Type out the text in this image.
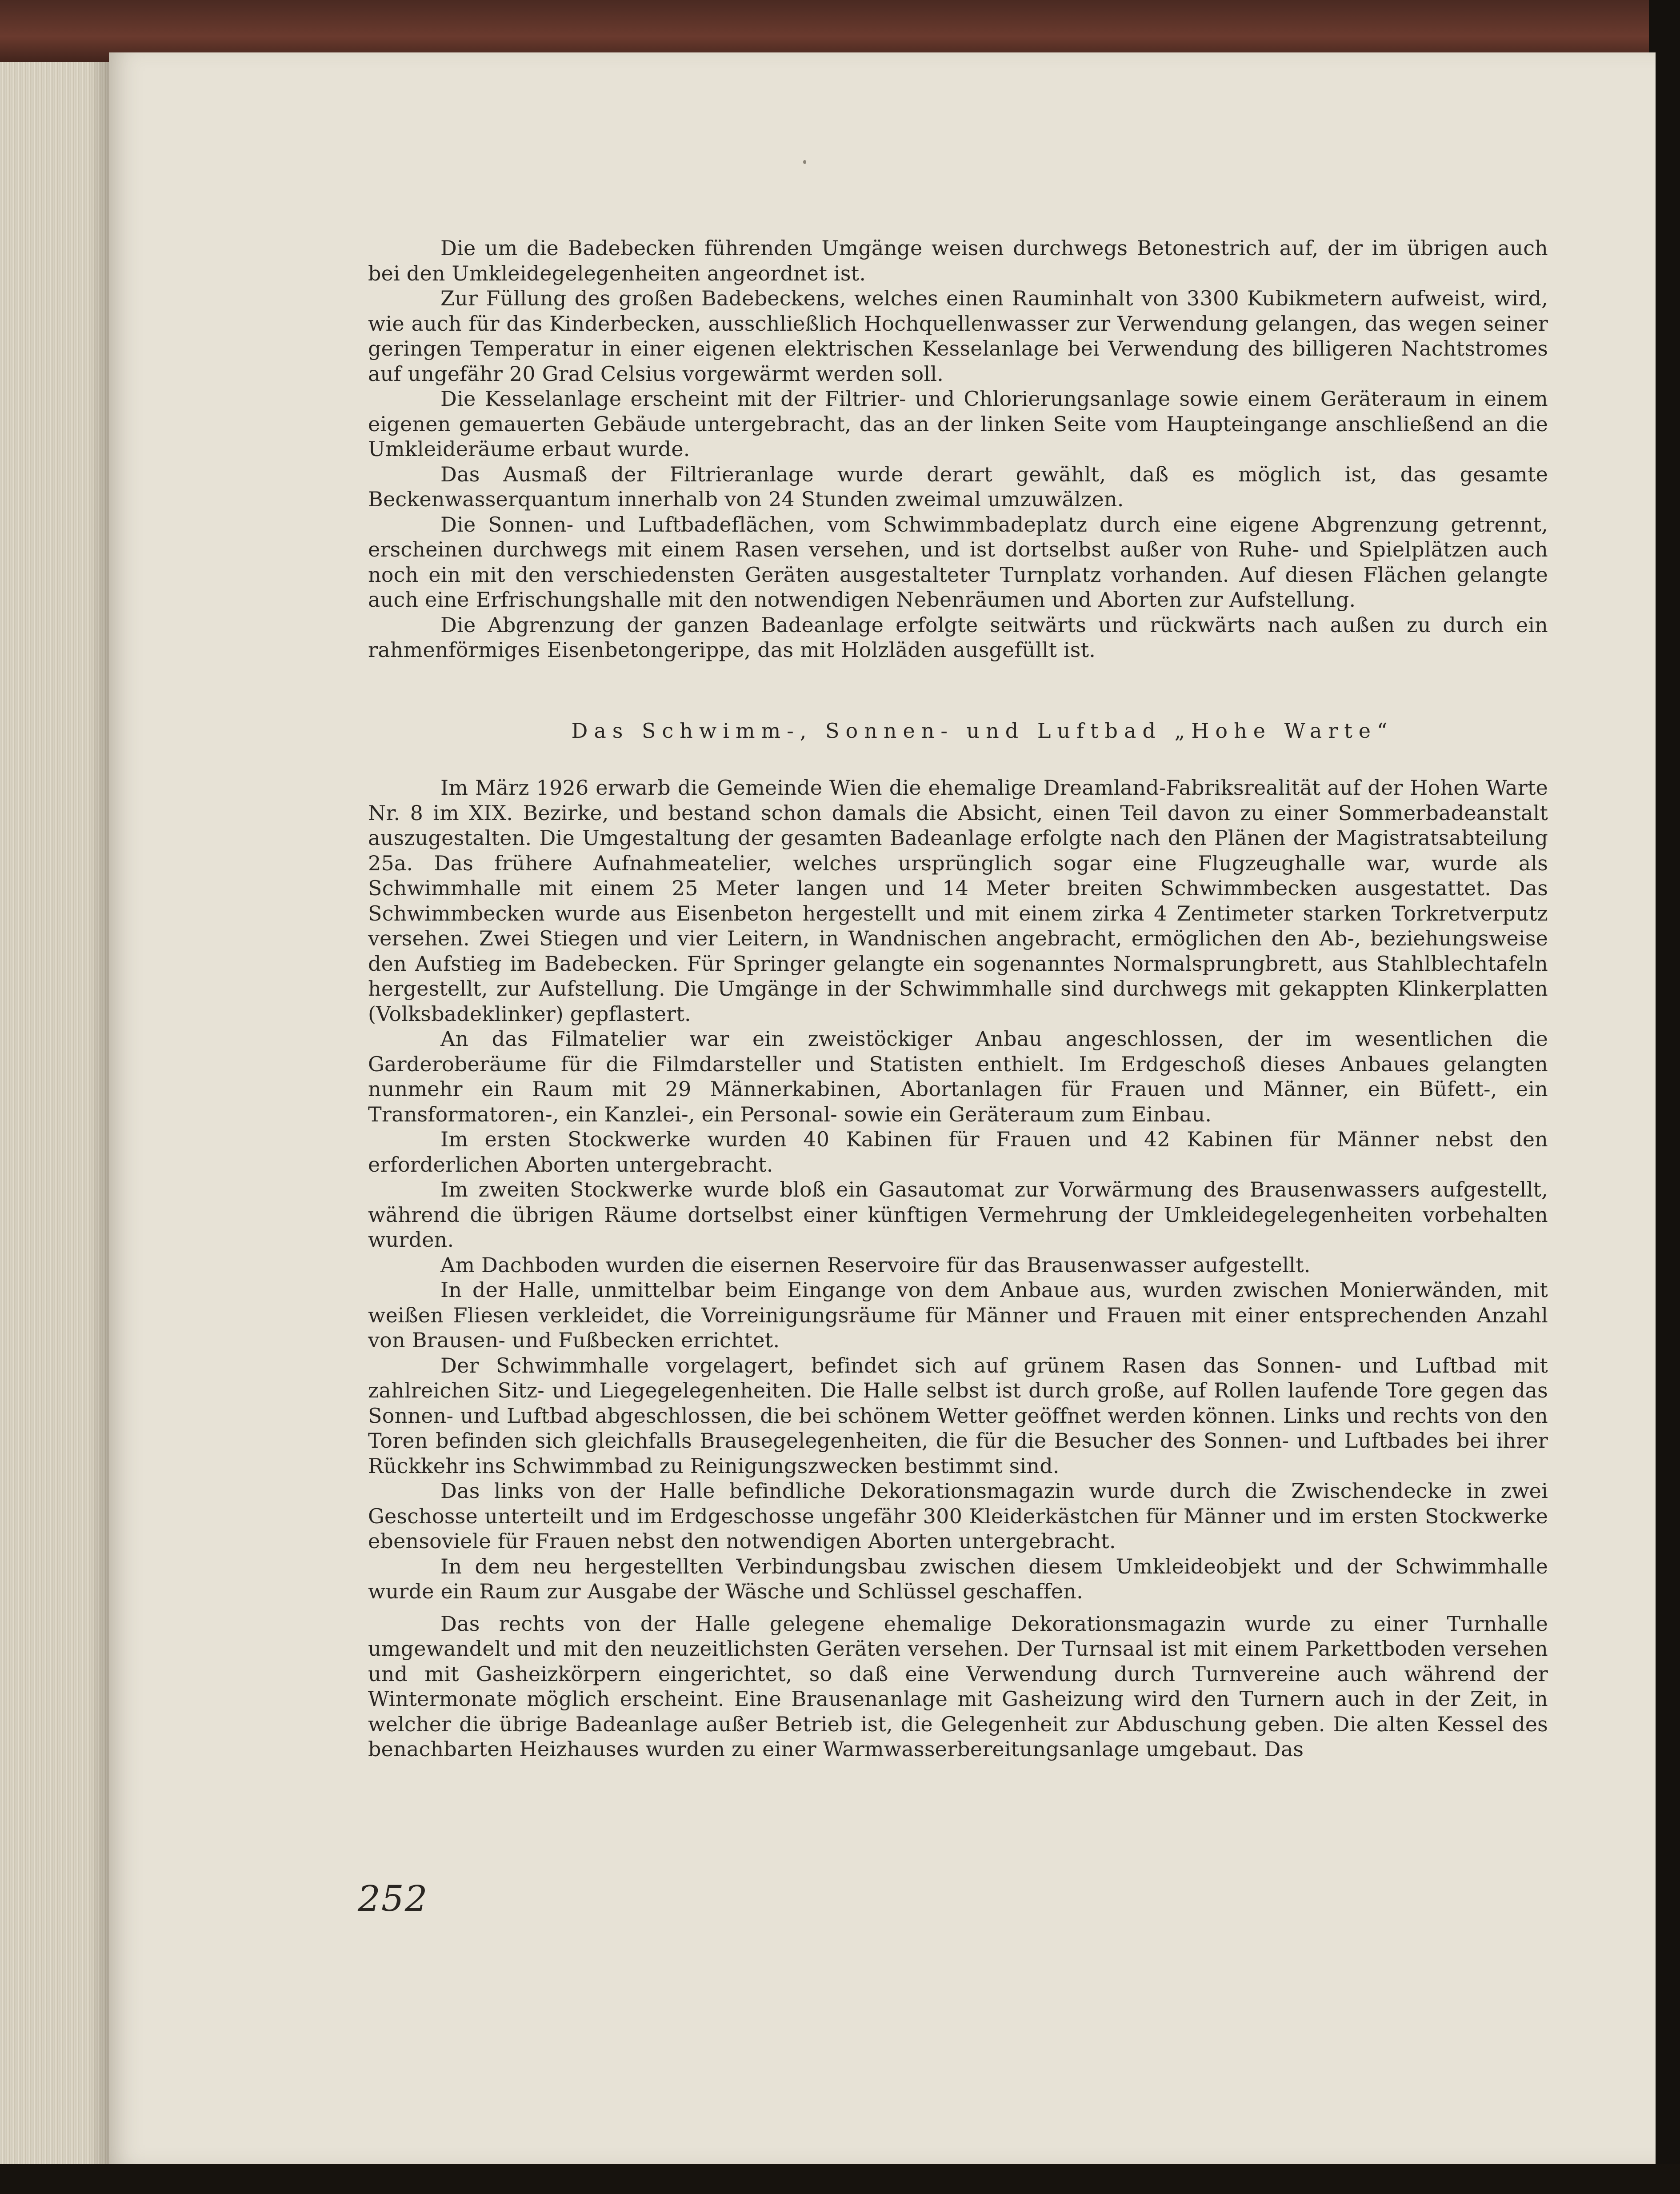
Die um die Badebecken führenden Umgänge weisen durchwegs Betonestrich auf, der im übrigen auch bei den Umkleidegelegenheiten angeordnet ist.

Zur Füllung des großen Badebeckens, welches einen Rauminhalt von 3300 Kubikmetern aufweist, wird, wie auch für das Kinderbecken, ausschließlich Hochquellenwasser zur Verwendung gelangen, das wegen seiner geringen Temperatur in einer eigenen elektrischen Kesselanlage bei Verwendung des billigeren Nachtstromes auf ungefähr 20 Grad Celsius vorgewärmt werden soll.

Die Kesselanlage erscheint mit der Filtrier- und Chlorierungsanlage sowie einem Geräteraum in einem eigenen gemauerten Gebäude untergebracht, das an der linken Seite vom Haupteingange anschließend an die Umkleideräume erbaut wurde.

Das Ausmaß der Filtrieranlage wurde derart gewählt, daß es möglich ist, das gesamte Beckenwasserquantum innerhalb von 24 Stunden zweimal umzuwälzen.

Die Sonnen- und Luftbadeflächen, vom Schwimmbadeplatz durch eine eigene Abgrenzung getrennt, erscheinen durchwegs mit einem Rasen versehen, und ist dortselbst außer von Ruhe- und Spielplätzen auch noch ein mit den verschiedensten Geräten ausgestalteter Turnplatz vorhanden. Auf diesen Flächen gelangte auch eine Erfrischungshalle mit den notwendigen Nebenräumen und Aborten zur Aufstellung.

Die Abgrenzung der ganzen Badeanlage erfolgte seitwärts und rückwärts nach außen zu durch ein rahmenförmiges Eisenbetongerippe, das mit Holzläden ausgefüllt ist.

Das Schwimm-, Sonnen- und Luftbad „Hohe Warte“

Im März 1926 erwarb die Gemeinde Wien die ehemalige Dreamland-Fabriksrealität auf der Hohen Warte Nr. 8 im XIX. Bezirke, und bestand schon damals die Absicht, einen Teil davon zu einer Sommerbadeanstalt auszugestalten. Die Umgestaltung der gesamten Badeanlage erfolgte nach den Plänen der Magistratsabteilung 25a. Das frühere Aufnahmeatelier, welches ursprünglich sogar eine Flugzeughalle war, wurde als Schwimmhalle mit einem 25 Meter langen und 14 Meter breiten Schwimmbecken ausgestattet. Das Schwimmbecken wurde aus Eisenbeton hergestellt und mit einem zirka 4 Zentimeter starken Torkretverputz versehen. Zwei Stiegen und vier Leitern, in Wandnischen angebracht, ermöglichen den Ab-, beziehungsweise den Aufstieg im Badebecken. Für Springer gelangte ein sogenanntes Normalsprungbrett, aus Stahlblechtafeln hergestellt, zur Aufstellung. Die Umgänge in der Schwimmhalle sind durchwegs mit gekappten Klinkerplatten (Volksbadeklinker) gepflastert.

An das Filmatelier war ein zweistöckiger Anbau angeschlossen, der im wesentlichen die Garderoberäume für die Filmdarsteller und Statisten enthielt. Im Erdgeschoß dieses Anbaues gelangten nunmehr ein Raum mit 29 Männerkabinen, Abortanlagen für Frauen und Männer, ein Büfett-, ein Transformatoren-, ein Kanzlei-, ein Personal- sowie ein Geräteraum zum Einbau.

Im ersten Stockwerke wurden 40 Kabinen für Frauen und 42 Kabinen für Männer nebst den erforderlichen Aborten untergebracht.

Im zweiten Stockwerke wurde bloß ein Gasautomat zur Vorwärmung des Brausenwassers aufgestellt, während die übrigen Räume dortselbst einer künftigen Vermehrung der Umkleidegelegenheiten vorbehalten wurden.

Am Dachboden wurden die eisernen Reservoire für das Brausenwasser aufgestellt.

In der Halle, unmittelbar beim Eingange von dem Anbaue aus, wurden zwischen Monierwänden, mit weißen Fliesen verkleidet, die Vorreinigungsräume für Männer und Frauen mit einer entsprechenden Anzahl von Brausen- und Fußbecken errichtet.

Der Schwimmhalle vorgelagert, befindet sich auf grünem Rasen das Sonnen- und Luftbad mit zahlreichen Sitz- und Liegegelegenheiten. Die Halle selbst ist durch große, auf Rollen laufende Tore gegen das Sonnen- und Luftbad abgeschlossen, die bei schönem Wetter geöffnet werden können. Links und rechts von den Toren befinden sich gleichfalls Brausegelegenheiten, die für die Besucher des Sonnen- und Luftbades bei ihrer Rückkehr ins Schwimmbad zu Reinigungszwecken bestimmt sind.

Das links von der Halle befindliche Dekorationsmagazin wurde durch die Zwischendecke in zwei Geschosse unterteilt und im Erdgeschosse ungefähr 300 Kleiderkästchen für Männer und im ersten Stockwerke ebensoviele für Frauen nebst den notwendigen Aborten untergebracht.

In dem neu hergestellten Verbindungsbau zwischen diesem Umkleideobjekt und der Schwimmhalle wurde ein Raum zur Ausgabe der Wäsche und Schlüssel geschaffen.

Das rechts von der Halle gelegene ehemalige Dekorationsmagazin wurde zu einer Turnhalle umgewandelt und mit den neuzeitlichsten Geräten versehen. Der Turnsaal ist mit einem Parkettboden versehen und mit Gasheizkörpern eingerichtet, so daß eine Verwendung durch Turnvereine auch während der Wintermonate möglich erscheint. Eine Brausenanlage mit Gasheizung wird den Turnern auch in der Zeit, in welcher die übrige Badeanlage außer Betrieb ist, die Gelegenheit zur Abduschung geben. Die alten Kessel des benachbarten Heizhauses wurden zu einer Warmwasserbereitungsanlage umgebaut. Das

252
